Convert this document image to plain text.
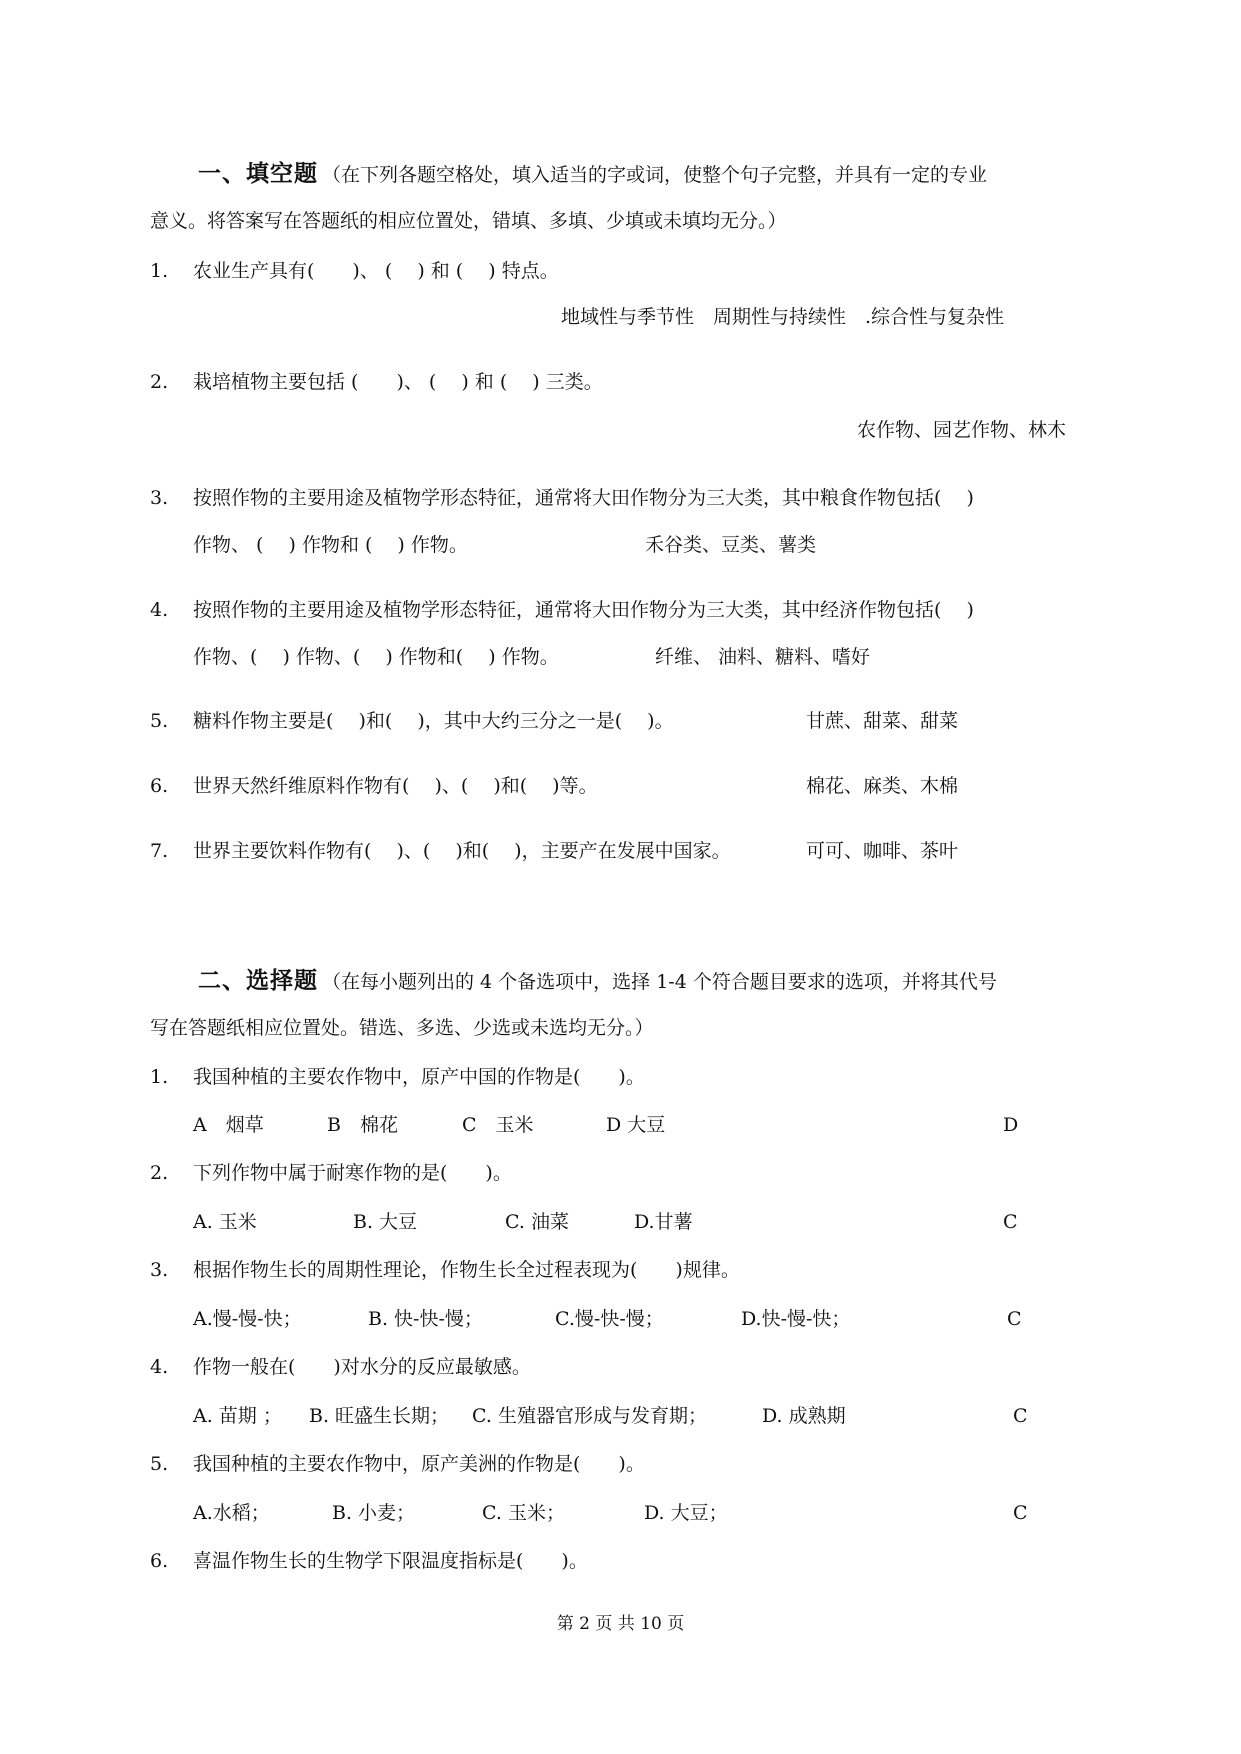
一、填空题 （在下列各题空格处，填入适当的字或词，使整个句子完整，并具有一定的专业
意义。将答案写在答题纸的相应位置处，错填、多填、少填或未填均无分。）
1.	农业生产具有(　　)、 (　 ) 和 (　 ) 特点。
地域性与季节性　周期性与持续性　.综合性与复杂性
2.	栽培植物主要包括 (　　)、 (　 ) 和 (　 ) 三类。
农作物、园艺作物、林木
3.	按照作物的主要用途及植物学形态特征，通常将大田作物分为三大类，其中粮食作物包括(　 )
作物、 (　 ) 作物和 (　 ) 作物。	禾谷类、豆类、薯类
4.	按照作物的主要用途及植物学形态特征，通常将大田作物分为三大类，其中经济作物包括(　 )
作物、(　 ) 作物、(　 ) 作物和(　 ) 作物。	纤维、 油料、糖料、嗜好
5.	糖料作物主要是(　 )和(　 )，其中大约三分之一是(　 )。	甘蔗、甜菜、甜菜
6.	世界天然纤维原料作物有(　 )、(　 )和(　 )等。	棉花、麻类、木棉
7.	世界主要饮料作物有(　 )、(　 )和(　 )，主要产在发展中国家。	可可、咖啡、茶叶
二、选择题 （在每小题列出的 4 个备选项中，选择 1-4 个符合题目要求的选项，并将其代号
写在答题纸相应位置处。错选、多选、少选或未选均无分。）
1.	我国种植的主要农作物中，原产中国的作物是(　　)。
A　烟草	B　棉花	C　玉米	D 大豆	D
2.	下列作物中属于耐寒作物的是(　　)。
A. 玉米	B. 大豆	C. 油菜	D.甘薯	C
3.	根据作物生长的周期性理论，作物生长全过程表现为(　　)规律。
A.慢-慢-快；	B. 快-快-慢；	C.慢-快-慢；	D.快-慢-快；	C
4.	作物一般在(　　)对水分的反应最敏感。
A. 苗期 ； B. 旺盛生长期； C. 生殖器官形成与发育期；	D. 成熟期	C
5.	我国种植的主要农作物中，原产美洲的作物是(　　)。
A.水稻；	B. 小麦；	C. 玉米；	D. 大豆；	C
6.	喜温作物生长的生物学下限温度指标是(　　)。
第 2 页 共 10 页
